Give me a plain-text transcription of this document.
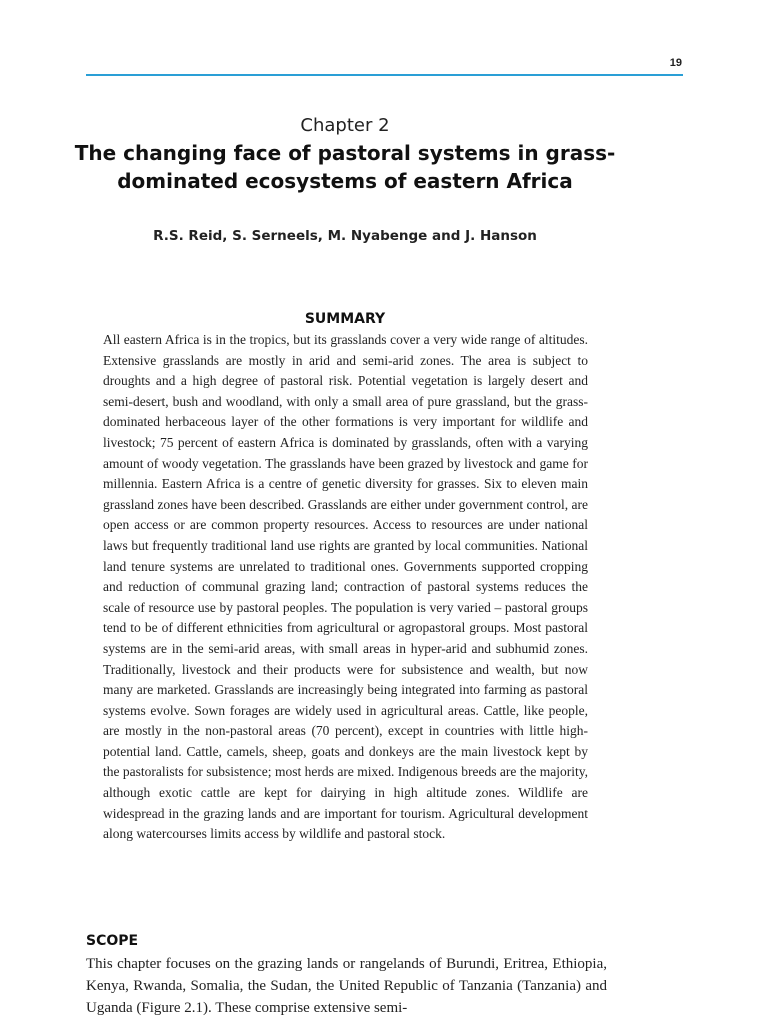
19
Chapter 2
The changing face of pastoral systems in grass-dominated ecosystems of eastern Africa
R.S. Reid, S. Serneels, M. Nyabenge and J. Hanson
SUMMARY
All eastern Africa is in the tropics, but its grasslands cover a very wide range of altitudes. Extensive grasslands are mostly in arid and semi-arid zones. The area is subject to droughts and a high degree of pastoral risk. Potential vegetation is largely desert and semi-desert, bush and woodland, with only a small area of pure grassland, but the grass-dominated herbaceous layer of the other formations is very important for wildlife and livestock; 75 percent of eastern Africa is dominated by grasslands, often with a varying amount of woody vegetation. The grasslands have been grazed by livestock and game for millennia. Eastern Africa is a centre of genetic diversity for grasses. Six to eleven main grassland zones have been described. Grasslands are either under government control, are open access or are common property resources. Access to resources are under national laws but frequently traditional land use rights are granted by local communities. National land tenure systems are unrelated to traditional ones. Governments supported cropping and reduction of communal grazing land; contraction of pastoral systems reduces the scale of resource use by pastoral peoples. The population is very varied – pastoral groups tend to be of different ethnicities from agricultural or agropastoral groups. Most pastoral systems are in the semi-arid areas, with small areas in hyper-arid and subhumid zones. Traditionally, livestock and their products were for subsistence and wealth, but now many are marketed. Grasslands are increasingly being integrated into farming as pastoral systems evolve. Sown forages are widely used in agricultural areas. Cattle, like people, are mostly in the non-pastoral areas (70 percent), except in countries with little high-potential land. Cattle, camels, sheep, goats and donkeys are the main livestock kept by the pastoralists for subsistence; most herds are mixed. Indigenous breeds are the majority, although exotic cattle are kept for dairying in high altitude zones. Wildlife are widespread in the grazing lands and are important for tourism. Agricultural development along watercourses limits access by wildlife and pastoral stock.
SCOPE
This chapter focuses on the grazing lands or rangelands of Burundi, Eritrea, Ethiopia, Kenya, Rwanda, Somalia, the Sudan, the United Republic of Tanzania (Tanzania) and Uganda (Figure 2.1). These comprise extensive semi-
